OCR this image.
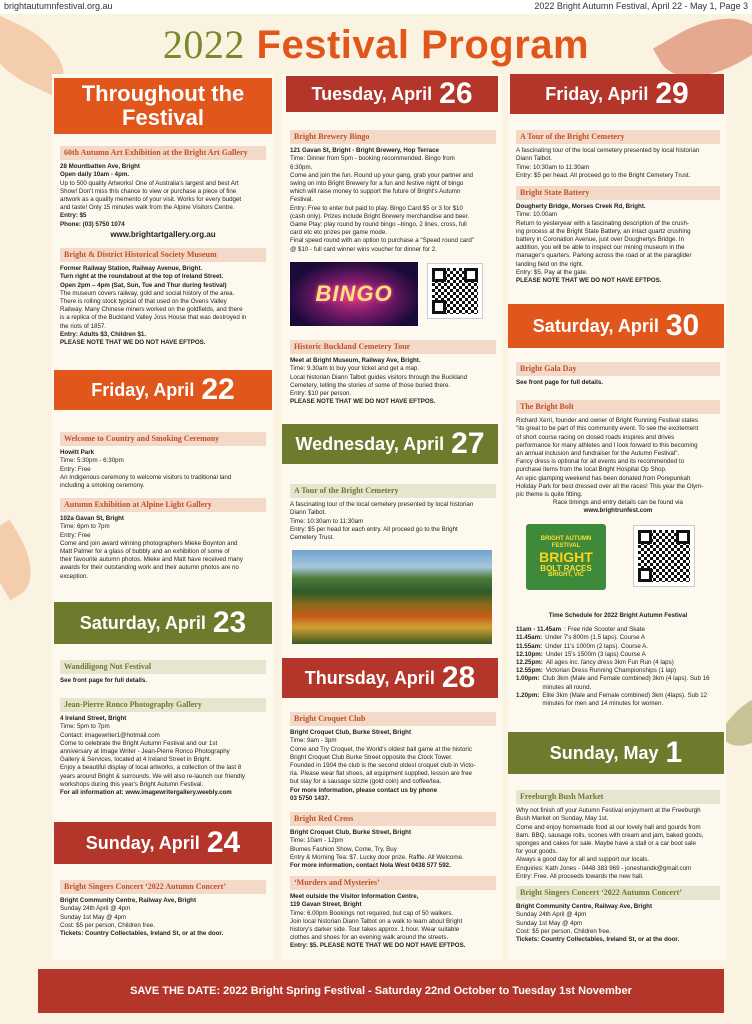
brightautumnfestival.org.au	2022 Bright Autumn Festival, April 22 - May 1, Page 3
2022 Festival Program
Throughout the
Festival
60th Autumn Art Exhibition at the Bright Art Gallery
28 Mountbatten Ave, Bright
Open daily 10am - 4pm.
Up to 500 quality Artworks! One of Australia's largest and best Art
Show! Don't miss this chance to view or purchase a piece of fine
artwork as a quality memento of your visit. Works for every budget
and taste! Only 15 minutes walk from the Alpine Visitors Centre.
Entry: $5
Phone: (03) 5750 1074
www.brightartgallery.org.au
Bright & District Historical Society Museum
Former Railway Station, Railway Avenue, Bright.
Turn right at the roundabout at the top of Ireland Street.
Open 2pm – 4pm (Sat, Sun, Tue and Thur during festival)
The museum covers railway, gold and social history of the area.
There is rolling stock typical of that used on the Ovens Valley
Railway. Many Chinese miners worked on the goldfields, and there
is a replica of the Buckland Valley Joss House that was destroyed in
the riots of 1857.
Entry: Adults $3, Children $1.
PLEASE NOTE THAT WE DO NOT HAVE EFTPOS.
Friday, April 22
Welcome to Country and Smoking Ceremony
Howitt Park
Time: 5:30pm - 6:30pm
Entry: Free
An Indigenous ceremony to welcome visitors to traditional land
including a smoking ceremony.
Autumn Exhibition at Alpine Light Gallery
102a Gavan St, Bright
Time: 6pm to 7pm
Entry: Free
Come and join award winning photographers Mieke Boynton and
Matt Palmer for a glass of bubbly and an exhibition of some of
their favourite autumn photos. Mieke and Matt have received many
awards for their outstanding work and their autumn photos are no
exception.
Saturday, April 23
Wandiligong Nut Festival
See front page for full details.
Jean-Pierre Ronco Photography Gallery
4 Ireland Street, Bright
Time: 5pm to 7pm
Contact: imagewriter1@hotmail.com
Come to celebrate the Bright Autumn Festival and our 1st
anniversary at Image Writer - Jean-Pierre Ronco Photography
Gallery & Services, located at 4 Ireland Street in Bright.
Enjoy a beautiful display of local artworks, a collection of the last 8
years around Bright & surrounds. We will also re-launch our friendly
workshops during this year's Bright Autumn Festival.
For all information at: www.imagewritergallery.weebly.com
Sunday, April 24
Bright Singers Concert ‘2022 Autumn Concert’
Bright Community Centre, Railway Ave, Bright
Sunday 24th April @ 4pm
Sunday 1st May @ 4pm
Cost: $5 per person, Children free.
Tickets: Country Collectables, Ireland St, or at the door.
Tuesday, April 26
Bright Brewery Bingo
121 Gavan St, Bright - Bright Brewery, Hop Terrace
Time: Dinner from 5pm - booking recommended. Bingo from
6:30pm.
Come and join the fun. Round up your gang, grab your partner and
swing on into Bright Brewery for a fun and festive night of bingo
which will raise money to support the future of Bright's Autumn
Festival.
Entry: Free to enter but paid to play. Bingo Card $5 or 3 for $10
(cash only). Prizes include Bright Brewery merchandise and beer.
Game Play: play round by round bingo –bingo, 2 lines, cross, full
card etc etc prizes per game mode.
Final speed round with an option to purchase a "Speed round card"
@ $10 - full card winner wins voucher for dinner for 2.
BINGO
Historic Buckland Cemetery Tour
Meet at Bright Museum, Railway Ave, Bright.
Time: 9.30am to buy your ticket and get a map.
Local historian Diann Talbot guides visitors through the Buckland
Cemetery, telling the stories of some of those buried there.
Entry: $10 per person.
PLEASE NOTE THAT WE DO NOT HAVE EFTPOS.
Wednesday, April 27
A Tour of the Bright Cemetery
A fascinating tour of the local cemetery presented by local historian
Diann Talbot.
Time: 10:30am to 11:30am
Entry: $5 per head for each entry. All proceed go to the Bright
Cemetery Trust.
Thursday, April 28
Bright Croquet Club
Bright Croquet Club, Burke Street, Bright
Time: 9am - 3pm
Come and Try Croquet, the World's oldest ball game at the historic
Bright Croquet Club Burke Street opposite the Clock Tower.
Founded in 1904 the club is the second oldest croquet club in Victo-
ria. Please wear flat shoes, all equipment supplied, lesson are free
but stay for a sausage sizzle (gold coin) and coffee/tea.
For more information, please contact us by phone
03 5750 1437.
Bright Red Cross
Bright Croquet Club, Burke Street, Bright
Time: 10am - 12pm
Blumes Fashion Show, Come, Try, Buy
Entry & Morning Tea: $7. Lucky door prize. Raffle. All Welcome.
For more information, contact Nola West 0438 577 592.
‘Murders and Mysteries’
Meet outside the Visitor Information Centre,
119 Gavan Street, Bright
Time: 6.00pm Bookings not required, but cap of 50 walkers.
Join local historian Diann Talbot on a walk to learn about Bright
history's darker side. Tour takes approx. 1 hour. Wear suitable
clothes and shoes for an evening walk around the streets.
Entry: $5. PLEASE NOTE THAT WE DO NOT HAVE EFTPOS.
Friday, April 29
A Tour of the Bright Cemetery
A fascinating tour of the local cemetery presented by local historian
Diann Talbot.
Time: 10:30am to 11:30am
Entry: $5 per head. All proceed go to the Bright Cemetery Trust.
Bright State Battery
Dougherty Bridge, Morses Creek Rd, Bright.
Time: 10.00am
Return to yesteryear with a fascinating description of the crush-
ing process at the Bright State Battery, an intact quartz crushing
battery in Coronation Avenue, just over Doughertys Bridge. In
addition, you will be able to inspect our mining museum in the
manager's quarters. Parking across the road or at the paraglider
landing field on the right.
Entry: $5. Pay at the gate.
PLEASE NOTE THAT WE DO NOT HAVE EFTPOS.
Saturday, April 30
Bright Gala Day
See front page for full details.
The Bright Bolt
Richard Xerri, founder and owner of Bright Running Festival states
"its great to be part of this community event. To see the excitement
of short course racing on closed roads inspires and drives
performance for many athletes and I look forward to this becoming
an annual inclusion and fundraiser for the Autumn Festival".
Fancy dress is optional for all events and its recommended to
purchase items from the local Bright Hospital Op Shop.
An epic glamping weekend has been donated from Porepunkah
Holiday Park for best dressed over all the races! This year the Olym-
pic theme is quite fitting.
Race timings and entry details can be found via
www.brightrunfest.com
BRIGHT AUTUMN FESTIVAL
BRIGHT
BOLT RACES
BRIGHT, VIC
Time Schedule for 2022 Bright Autumn Festival
11am - 11.45am : Free ride Scooter and Skate
11.45am: Under 7's 800m (1.5 laps). Course A
11.55am: Under 11's 1000m (2 laps). Course A.
12.10pm: Under 15's 1500m (3 laps) Course A
12.25pm: All ages inc. fancy dress 3km Fun Run (4 laps)
12.55pm: Victorian Dress Running Championships (1 lap)
1.00pm: Club 3km (Male and Female combined) 3km (4 laps). Sub 16 minutes all round.
1.20pm: Elite 3km (Male and Female combined) 3km (4laps). Sub 12 minutes for men and 14 minutes for women.
Sunday, May 1
Freeburgh Bush Market
Why not finish off your Autumn Festival enjoyment at the Freeburgh
Bush Market on Sunday, May 1st.
Come and enjoy homemade food at our lovely hall and gourds from
8am. BBQ, sausage rolls, scones with cream and jam, baked goods,
sponges and cakes for sale. Maybe have a stall or a car boot sale
for your goods.
Always a good day for all and support our locals.
Enquiries: Kath Jones - 0448 383 969 - joneshandk@gmail.com
Entry: Free. All proceeds towards the new hall.
Bright Singers Concert ‘2022 Autumn Concert’
Bright Community Centre, Railway Ave, Bright
Sunday 24th April @ 4pm
Sunday 1st May @ 4pm
Cost: $5 per person, Children free.
Tickets: Country Collectables, Ireland St, or at the door.
SAVE THE DATE: 2022 Bright Spring Festival - Saturday 22nd October to Tuesday 1st November
